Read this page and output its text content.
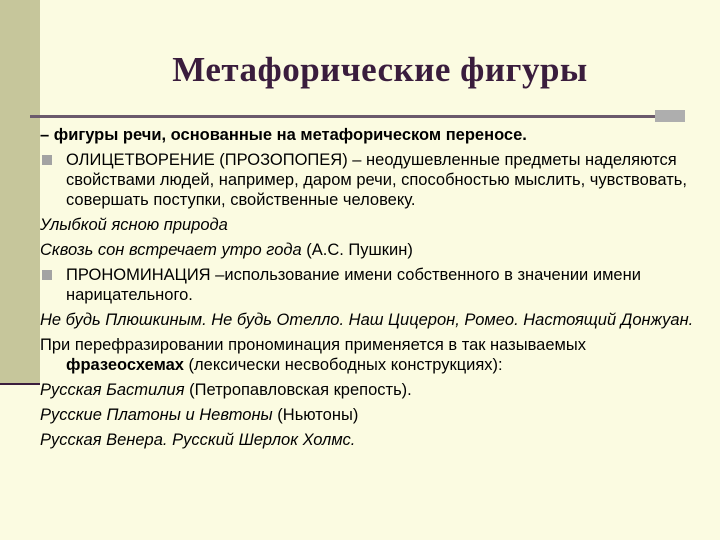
Метафорические фигуры

– фигуры речи, основанные на метафорическом переносе.

ОЛИЦЕТВОРЕНИЕ (ПРОЗОПОПЕЯ) – неодушевленные предметы наделяются свойствами людей, например, даром речи, способностью мыслить, чувствовать, совершать поступки, свойственные человеку.

Улыбкой ясною природа

Сквозь сон встречает утро года (А.С. Пушкин)

ПРОНОМИНАЦИЯ –использование имени собственного в значении имени нарицательного.

Не будь Плюшкиным. Не будь Отелло. Наш Цицерон, Ромео. Настоящий Донжуан.

При перефразировании прономинация применяется в так называемых фразеосхемах (лексически несвободных конструкциях):

Русская Бастилия (Петропавловская крепость).

Русские Платоны и Невтоны (Ньютоны)

Русская Венера. Русский Шерлок Холмс.
